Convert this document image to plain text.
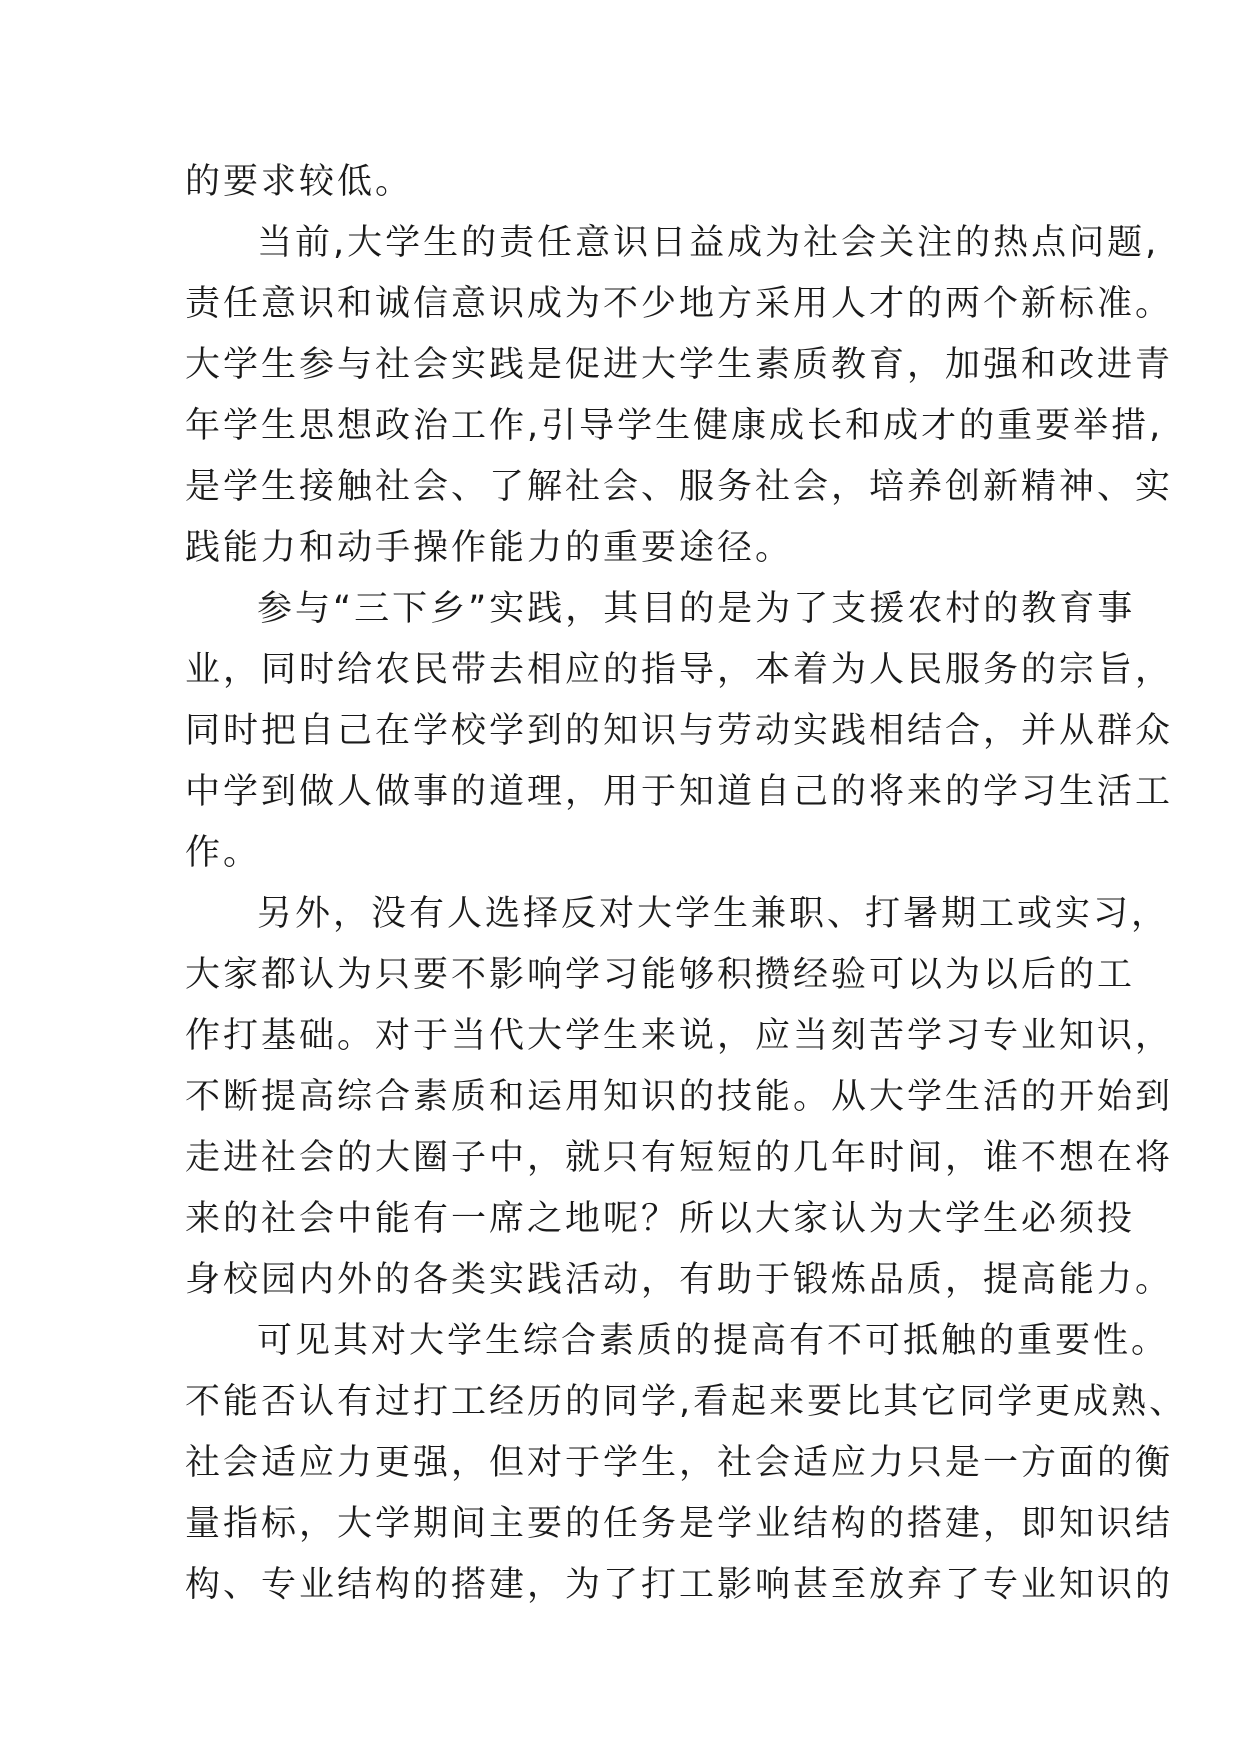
的要求较低。
当前,大学生的责任意识日益成为社会关注的热点问题,
责任意识和诚信意识成为不少地方采用人才的两个新标准。
大学生参与社会实践是促进大学生素质教育，加强和改进青
年学生思想政治工作,引导学生健康成长和成才的重要举措,
是学生接触社会、了解社会、服务社会，培养创新精神、实
践能力和动手操作能力的重要途径。
参与“三下乡”实践，其目的是为了支援农村的教育事
业，同时给农民带去相应的指导，本着为人民服务的宗旨，
同时把自己在学校学到的知识与劳动实践相结合，并从群众
中学到做人做事的道理，用于知道自己的将来的学习生活工
作。
另外，没有人选择反对大学生兼职、打暑期工或实习，
大家都认为只要不影响学习能够积攒经验可以为以后的工
作打基础。对于当代大学生来说，应当刻苦学习专业知识，
不断提高综合素质和运用知识的技能。从大学生活的开始到
走进社会的大圈子中，就只有短短的几年时间，谁不想在将
来的社会中能有一席之地呢？所以大家认为大学生必须投
身校园内外的各类实践活动，有助于锻炼品质，提高能力。
可见其对大学生综合素质的提高有不可抵触的重要性。
不能否认有过打工经历的同学,看起来要比其它同学更成熟、
社会适应力更强，但对于学生，社会适应力只是一方面的衡
量指标，大学期间主要的任务是学业结构的搭建，即知识结
构、专业结构的搭建，为了打工影响甚至放弃了专业知识的
